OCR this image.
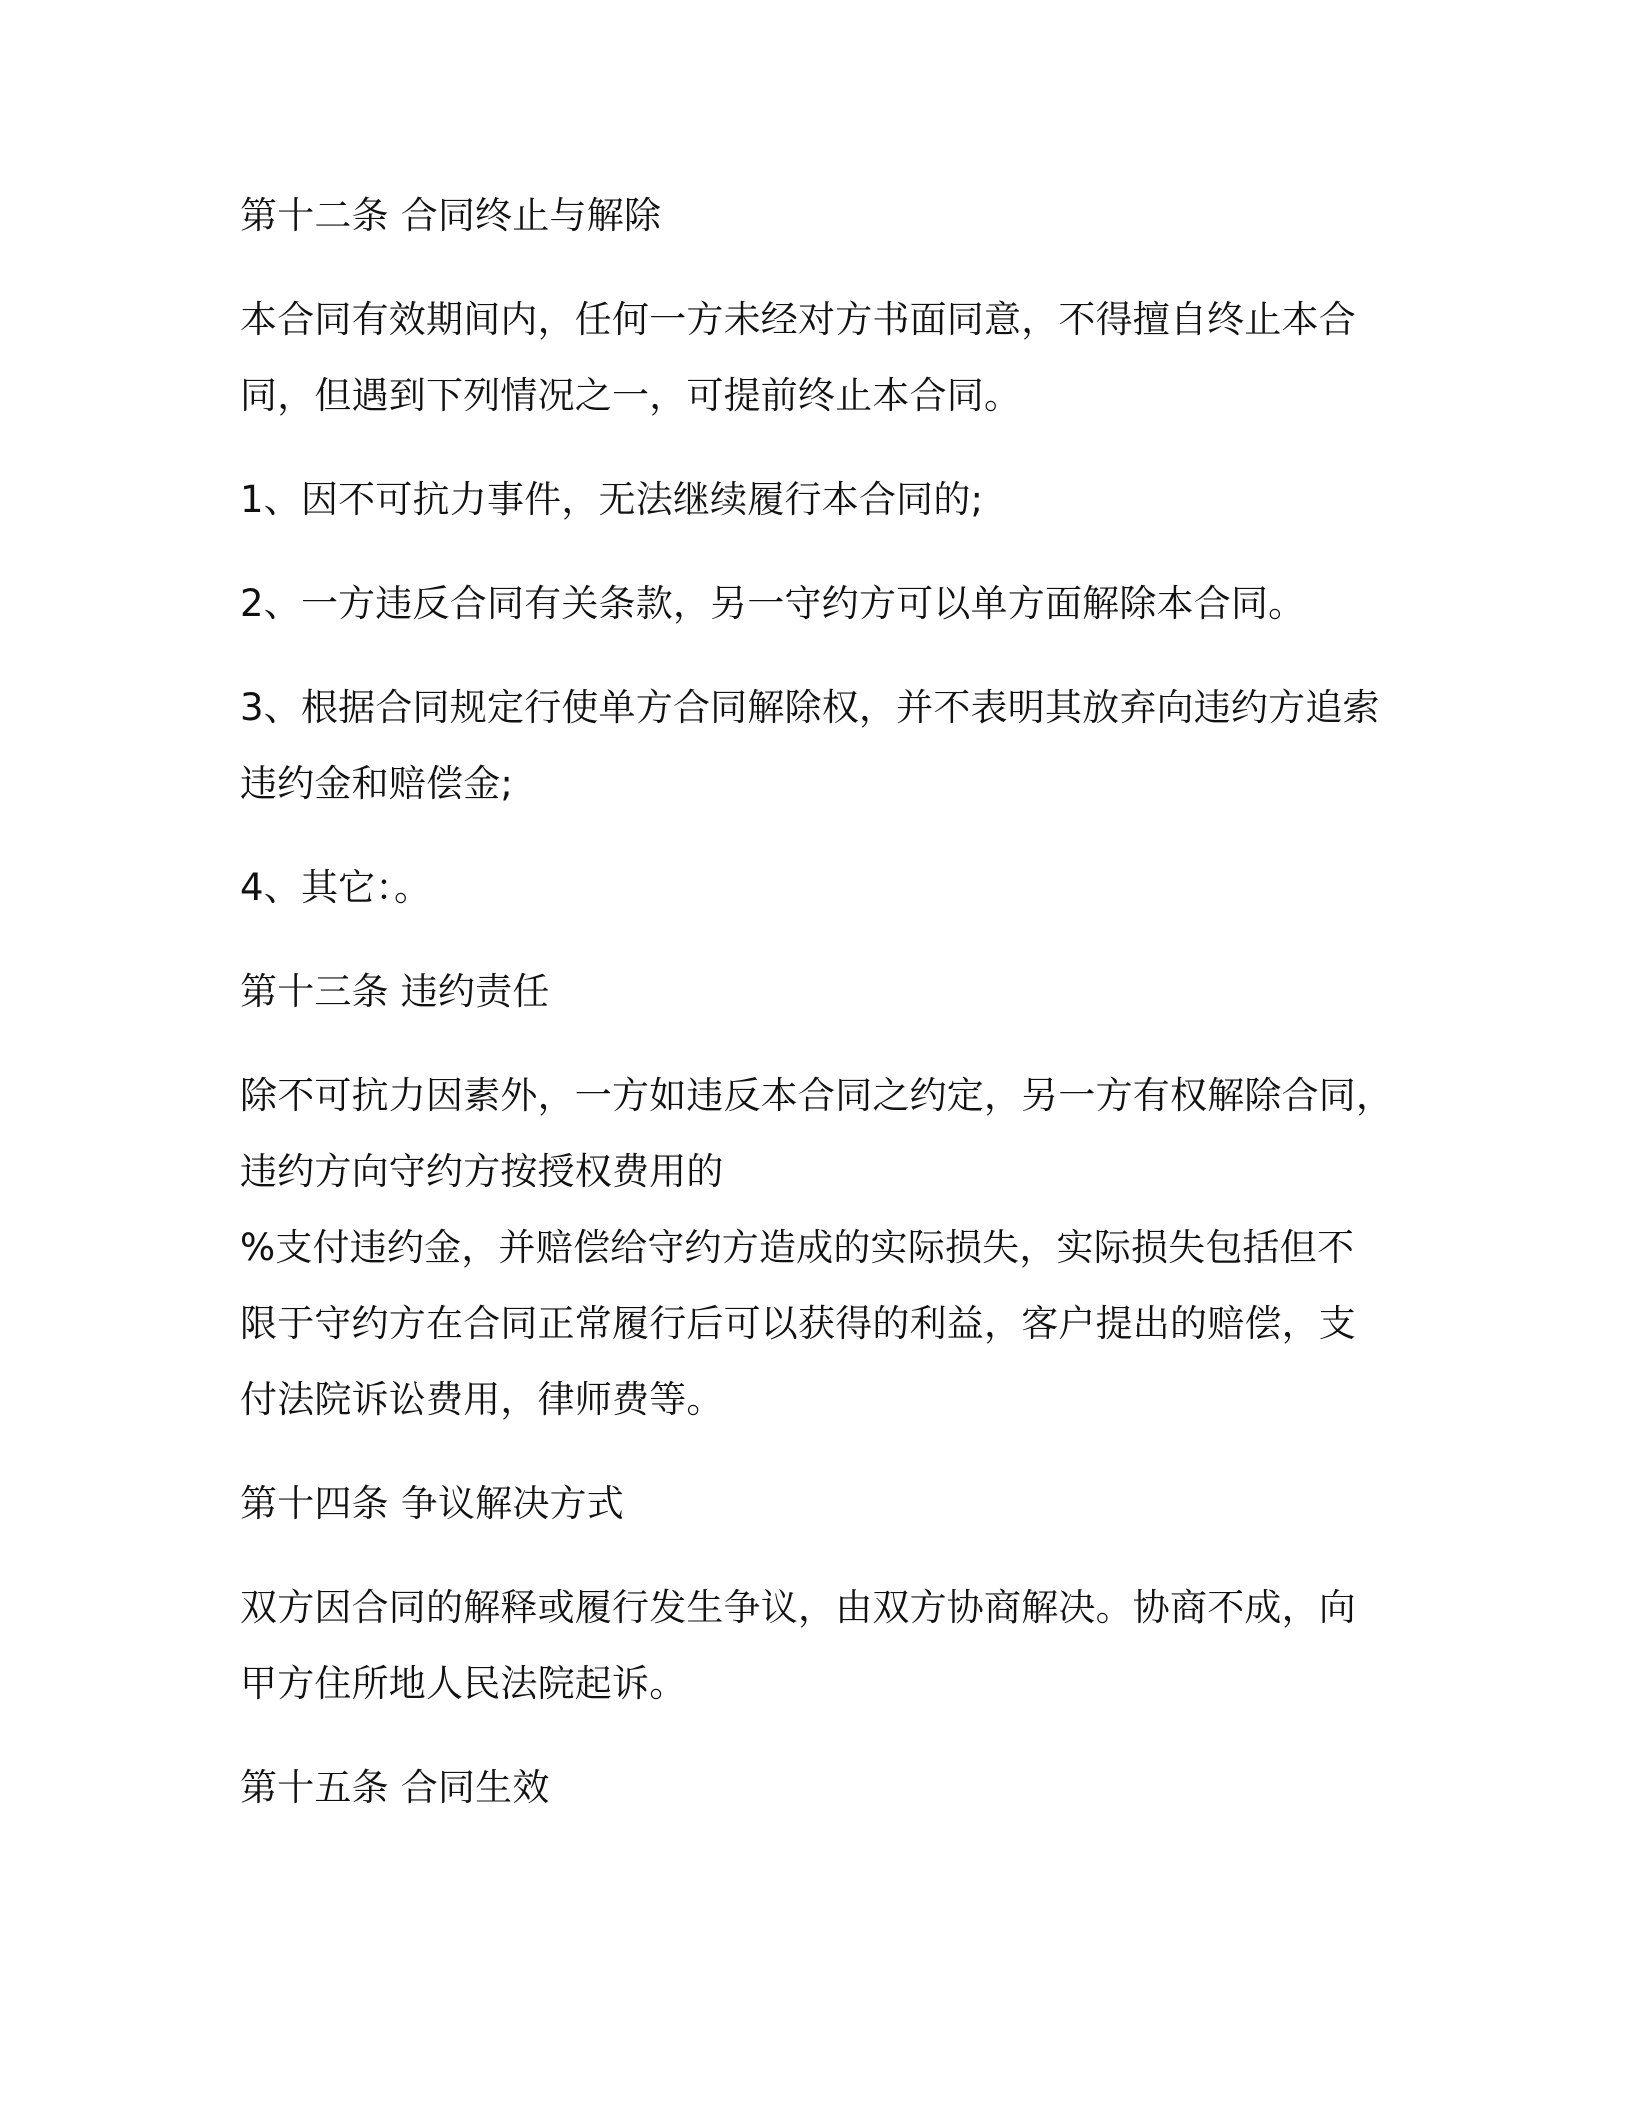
第十二条 合同终止与解除
本合同有效期间内，任何一方未经对方书面同意，不得擅自终止本合
同，但遇到下列情况之一，可提前终止本合同。
1、因不可抗力事件，无法继续履行本合同的;
2、一方违反合同有关条款，另一守约方可以单方面解除本合同。
3、根据合同规定行使单方合同解除权，并不表明其放弃向违约方追索
违约金和赔偿金;
4、其它：。
第十三条 违约责任
除不可抗力因素外，一方如违反本合同之约定，另一方有权解除合同，
违约方向守约方按授权费用的
%支付违约金，并赔偿给守约方造成的实际损失，实际损失包括但不
限于守约方在合同正常履行后可以获得的利益，客户提出的赔偿，支
付法院诉讼费用，律师费等。
第十四条 争议解决方式
双方因合同的解释或履行发生争议，由双方协商解决。协商不成，向
甲方住所地人民法院起诉。
第十五条 合同生效
